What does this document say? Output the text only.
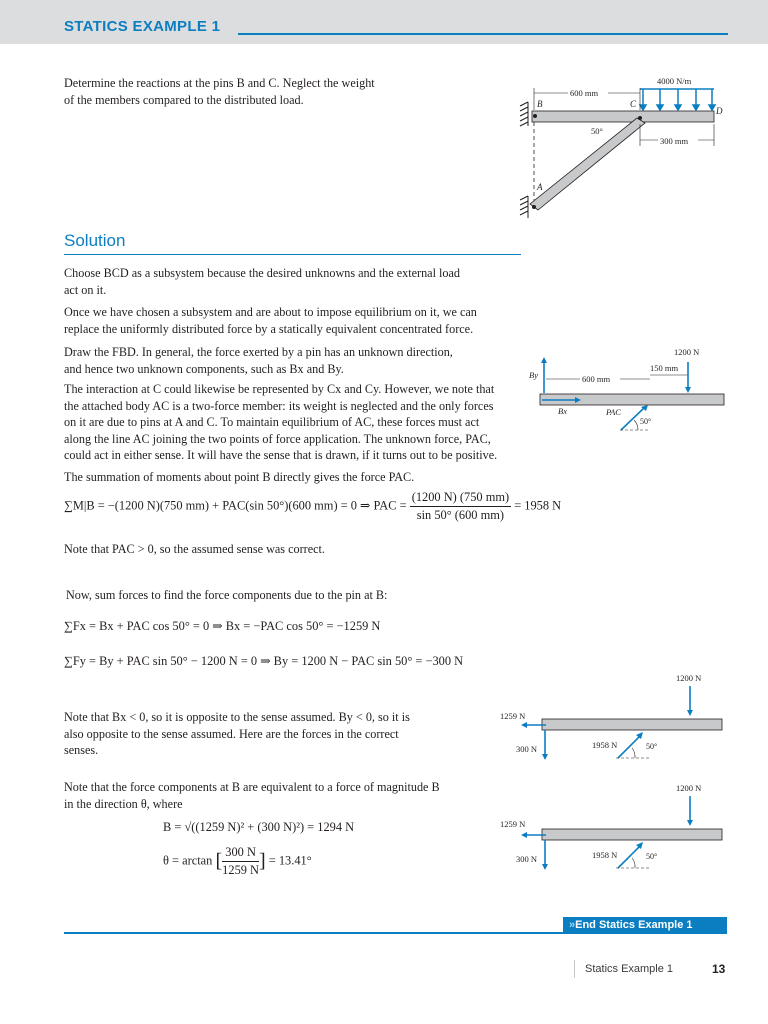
STATICS EXAMPLE 1
Determine the reactions at the pins B and C. Neglect the weight
of the members compared to the distributed load.	600 mm
4000 N/m
300 mm
B	C
D
A
50°
Solution
Choose BCD as a subsystem because the desired unknowns and the external load
act on it.
Once we have chosen a subsystem and are about to impose equilibrium on it, we can
replace the uniformly distributed force by a statically equivalent concentrated force.
Draw the FBD. In general, the force exerted by a pin has an unknown direction,
and hence two unknown components, such as Bx and By.
The interaction at C could likewise be represented by Cx and Cy. However, we note that
the attached body AC is a two-force member: its weight is neglected and the only forces
on it are due to pins at A and C. To maintain equilibrium of AC, these forces must act
along the line AC joining the two points of force application. The unknown force, PAC,
could act in either sense. It will have the sense that is drawn, if it turns out to be positive.
The summation of moments about point B directly gives the force PAC.
1200 N
150 mm
By	600 mm
Bx	PAC
50°
∑M|B = −(1200 N)(750 mm) + PAC(sin 50°)(600 mm) = 0 ⇒ PAC = $\frac{(1200 N) (750 mm)}{\sin 50^\circ (600 mm)} = 1958$ N
Note that PAC > 0, so the assumed sense was correct.
Now, sum forces to find the force components due to the pin at B:
∑Fx = Bx + PAC cos 50° = 0 ⇒ Bx = −PAC cos 50° = −1259 N
∑Fy = By + PAC sin 50° − 1200 N = 0 ⇒ By = 1200 N − PAC sin 50° = −300 N
Note that Bx < 0, so it is opposite to the sense assumed. By < 0, so it is
also opposite to the sense assumed. Here are the forces in the correct
senses.
1200 N
1259 N
300 N	1958 N	50°
Note that the force components at B are equivalent to a force of magnitude B
in the direction θ, where
B = √((1259 N)² + (300 N)²) = 1294 N
θ = arctan [ $\frac{300 N}{1259 N}$ ] = 13.41°
1200 N
1259 N
300 N	1958 N	50°
»End Statics Example 1
Statics Example 1	13
